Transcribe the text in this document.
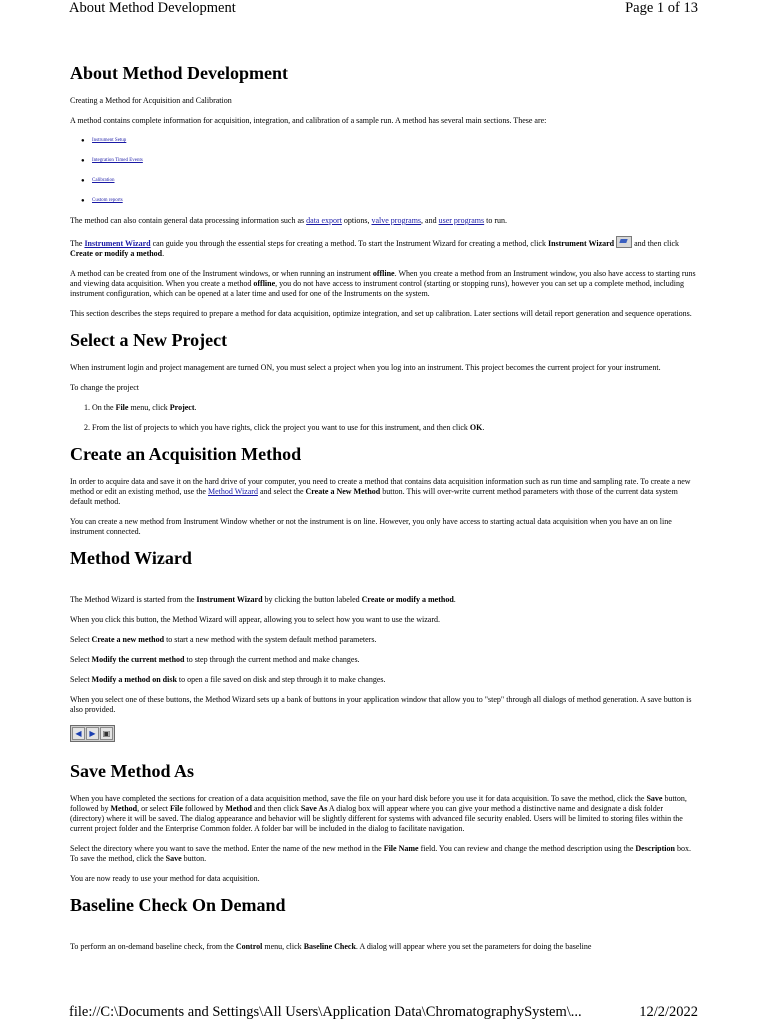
About Method Development	Page 1 of 13
About Method Development

Creating a Method for Acquisition and Calibration

A method contains complete information for acquisition, integration, and calibration of a sample run. A method has several main sections. These are:

● Instrument Setup
● Integration Timed Events
● Calibration
● Custom reports

The method can also contain general data processing information such as data export options, valve programs, and user programs to run.

The Instrument Wizard can guide you through the essential steps for creating a method. To start the Instrument Wizard for creating a method, click Instrument Wizard	and then click Create or modify a method.

A method can be created from one of the Instrument windows, or when running an instrument offline. When you create a method from an Instrument window, you also have access to starting runs and viewing data acquisition. When you create a method offline, you do not have access to instrument control (starting or stopping runs), however you can set up a complete method, including instrument configuration, which can be opened at a later time and used for one of the Instruments on the system.

This section describes the steps required to prepare a method for data acquisition, optimize integration, and set up calibration. Later sections will detail report generation and sequence operations.

Select a New Project

When instrument login and project management are turned ON, you must select a project when you log into an instrument. This project becomes the current project for your instrument.

To change the project

1. On the File menu, click Project.
2. From the list of projects to which you have rights, click the project you want to use for this instrument, and then click OK.
Create an Acquisition Method

In order to acquire data and save it on the hard drive of your computer, you need to create a method that contains data acquisition information such as run time and sampling rate. To create a new method or edit an existing method, use the Method Wizard and select the Create a New Method button. This will over-write current method parameters with those of the current data system default method.

You can create a new method from Instrument Window whether or not the instrument is on line. However, you only have access to starting actual data acquisition when you have an on line instrument connected.

Method Wizard

The Method Wizard is started from the Instrument Wizard by clicking the button labeled Create or modify a method.

When you click this button, the Method Wizard will appear, allowing you to select how you want to use the wizard.

Select Create a new method to start a new method with the system default method parameters.

Select Modify the current method to step through the current method and make changes.

Select Modify a method on disk to open a file saved on disk and step through it to make changes.

When you select one of these buttons, the Method Wizard sets up a bank of buttons in your application window that allow you to "step" through all dialogs of method generation. A save button is also provided.

◀ ▶ ▣
Save Method As

When you have completed the sections for creation of a data acquisition method, save the file on your hard disk before you use it for data acquisition. To save the method, click the Save button, followed by Method, or select File followed by Method and then click Save As A dialog box will appear where you can give your method a distinctive name and designate a disk folder (directory) where it will be saved. The dialog appearance and behavior will be slightly different for systems with advanced file security enabled. Users will be limited to storing files within the current project folder and the Enterprise Common folder. A folder bar will be included in the dialog to facilitate navigation.

Select the directory where you want to save the method. Enter the name of the new method in the File Name field. You can review and change the method description using the Description box. To save the method, click the Save button.

You are now ready to use your method for data acquisition.

Baseline Check On Demand

To perform an on-demand baseline check, from the Control menu, click Baseline Check. A dialog will appear where you set the parameters for doing the baseline

file://C:\Documents and Settings\All Users\Application Data\ChromatographySystem\...	12/2/2022
